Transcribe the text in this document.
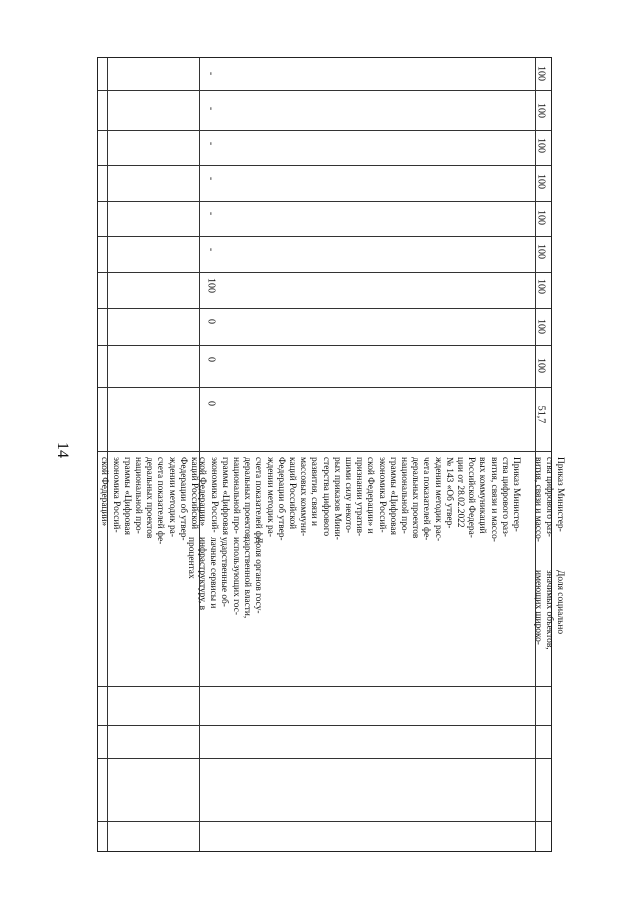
14
каций Российской
Федерации об утвер-
ждении методик ра-
счета показателей фе-
деральных проектов
национальной про-
граммы «Цифровая
экономика Россий-
ской Федерации»
0
0
0
100
-
-
-
-
-
-
Доля органов госу-
дарственной власти,
использующих гос-
ударственные об-
лачные сервисы и
инфраструктуру, в
процентах
Приказ Министер-
ства цифрового раз-
вития, связи и массо-
вых коммуникаций
Российской Федера-
ции от 28.02.2022
№ 143 «Об утвер-
ждении методик рас-
чета показателей фе-
деральных проектов
национальной про-
граммы «Цифровая
экономика Россий-
ской Федерации» и
признании утратив-
шими силу некото-
рых приказов Мини-
стерства цифрового
развития, связи и
массовых коммуни-
каций Российской
Федерации об утвер-
ждении методик ра-
счета показателей фе-
деральных проектов
национальной про-
граммы «Цифровая
экономика Россий-
ской Федерации»
51,7
100
100
100
100
100
100
100
100
100
Доля социально
значимых объектов,
имеющих широко-
Приказ Министер-
ства цифрового раз-
вития, связи и массо-
